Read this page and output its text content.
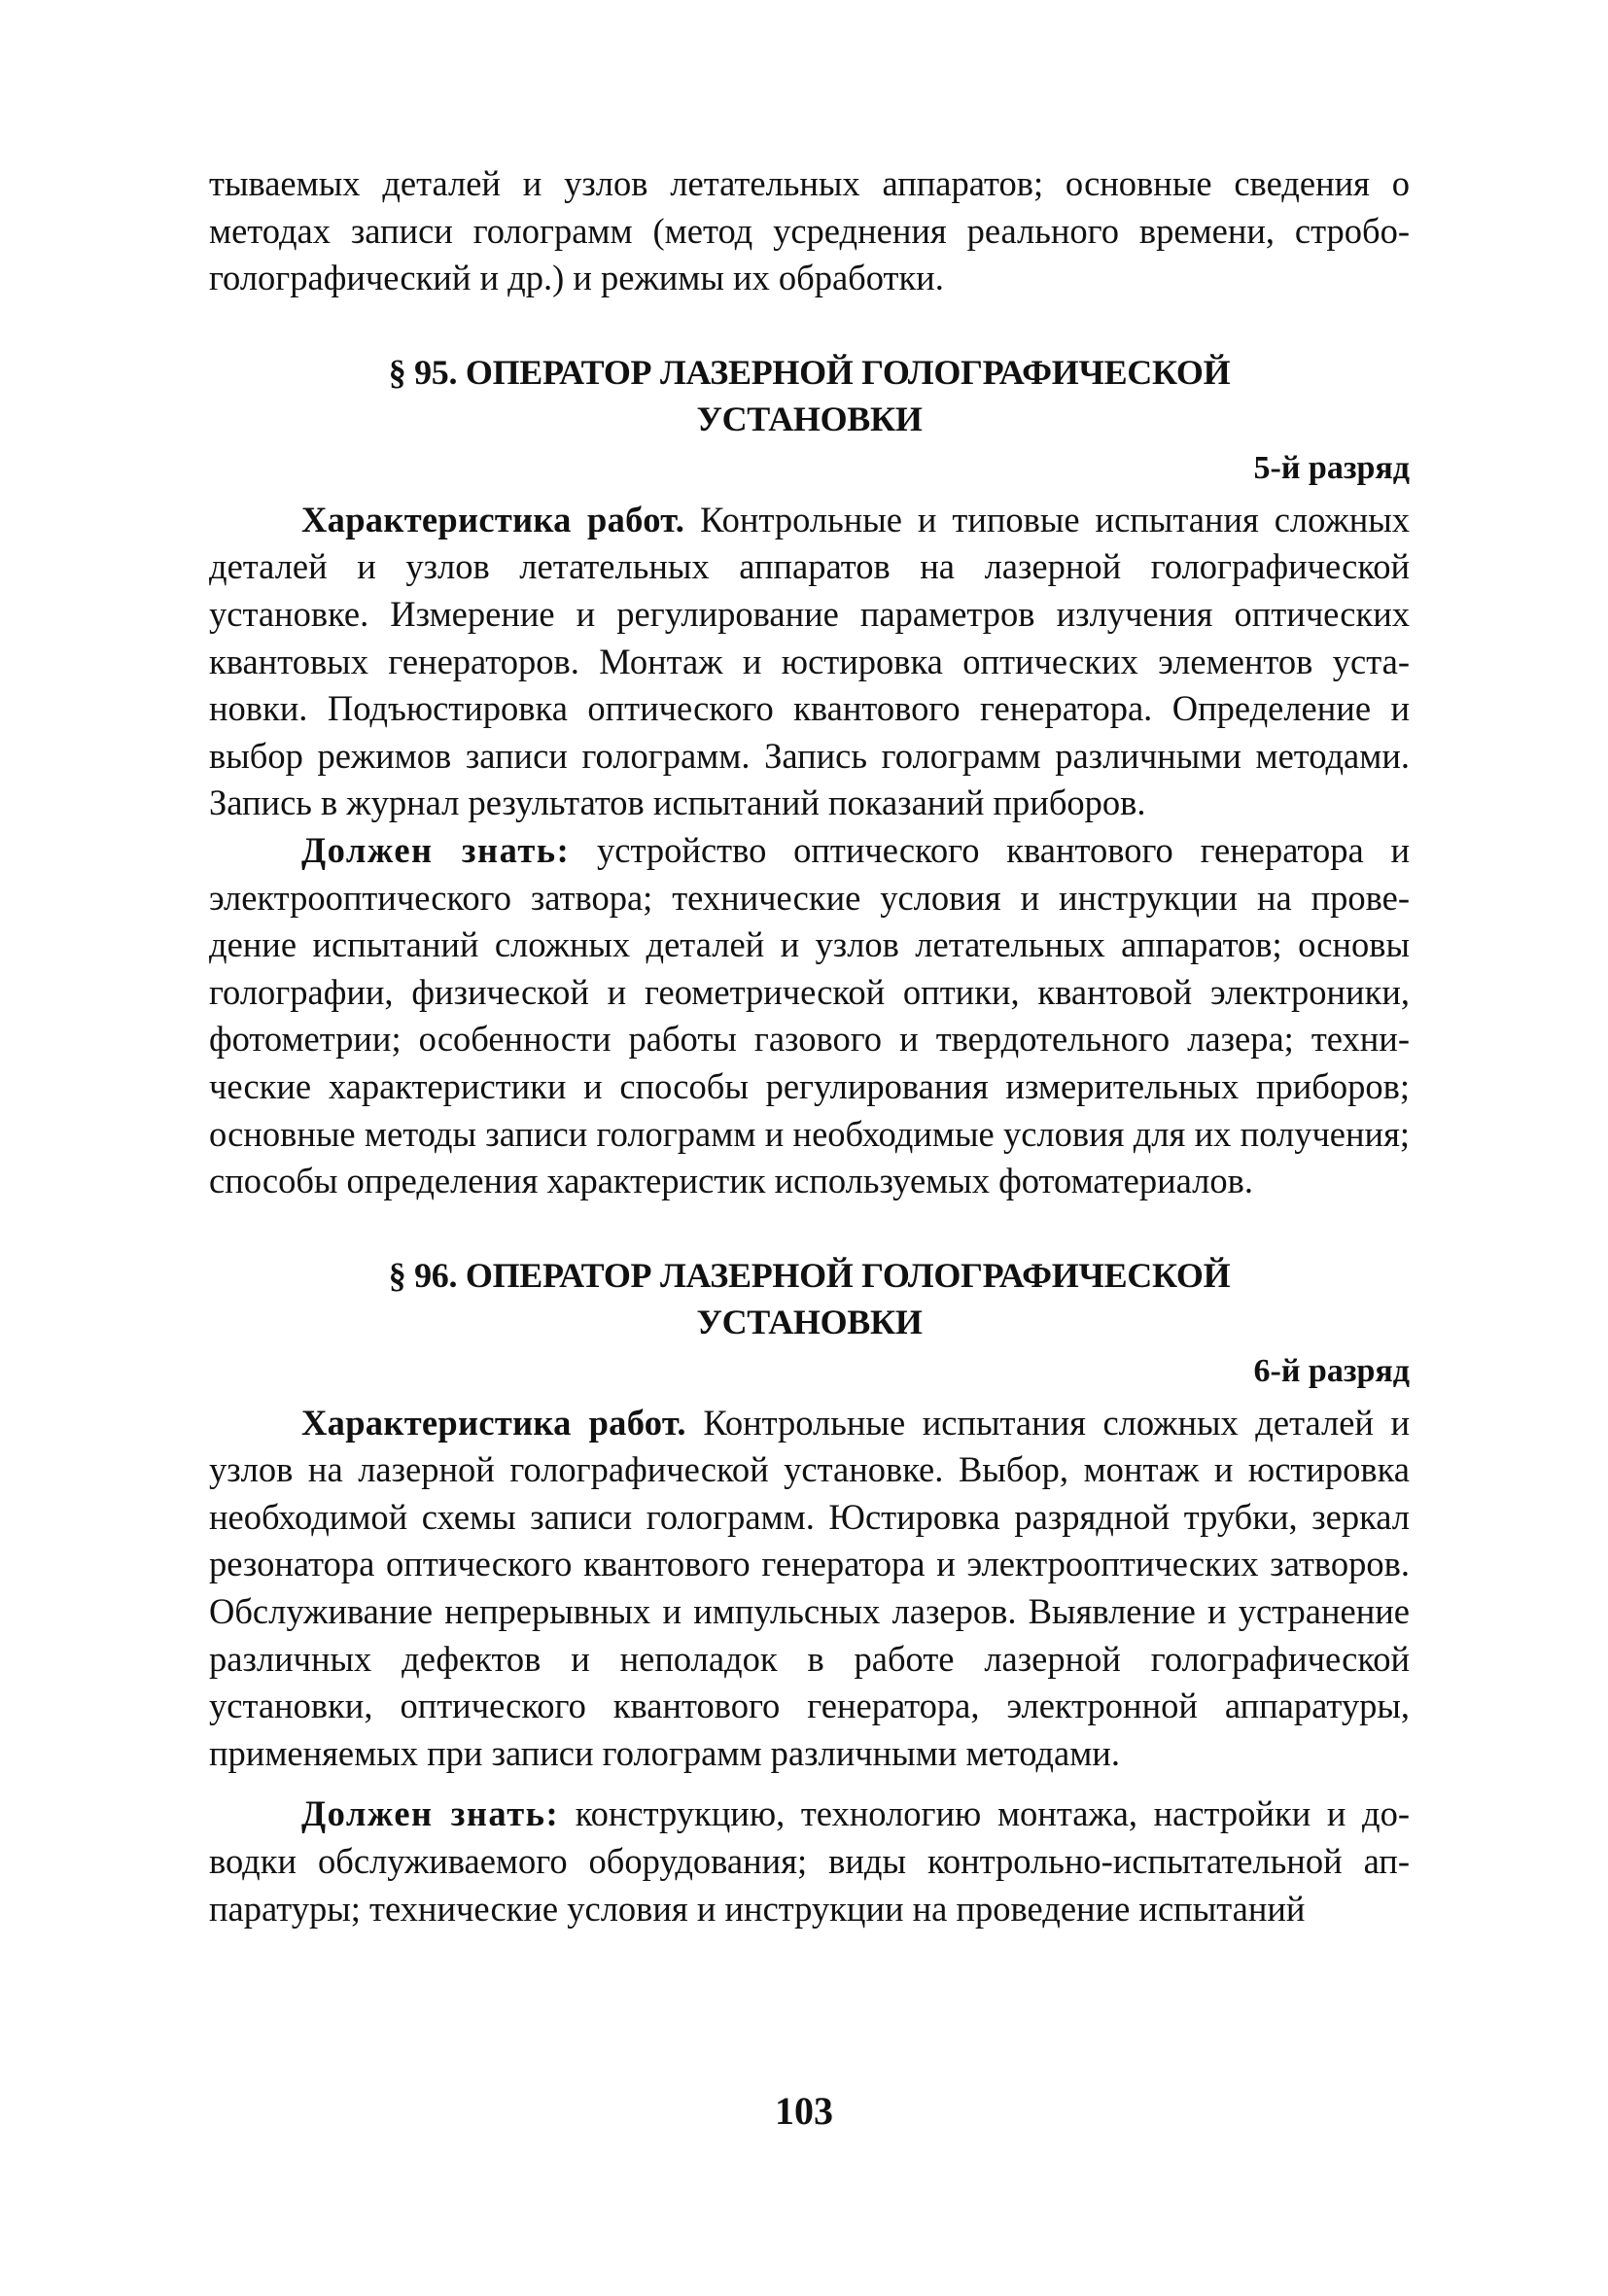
тываемых деталей и узлов летательных аппаратов; основные сведения о методах записи голограмм (метод усреднения реального времени, стробоголографический и др.) и режимы их обработки.

§ 95. ОПЕРАТОР ЛАЗЕРНОЙ ГОЛОГРАФИЧЕСКОЙ
УСТАНОВКИ
5-й разряд

Характеристика работ. Контрольные и типовые испытания сложных деталей и узлов летательных аппаратов на лазерной голографической установке. Измерение и регулирование параметров излучения оптических квантовых генераторов. Монтаж и юстировка оптических элементов установки. Подъюстировка оптического квантового генератора. Определение и выбор режимов записи голограмм. Запись голограмм различными методами. Запись в журнал результатов испытаний показаний приборов.

Должен знать: устройство оптического квантового генератора и электрооптического затвора; технические условия и инструкции на проведение испытаний сложных деталей и узлов летательных аппаратов; основы голографии, физической и геометрической оптики, квантовой электроники, фотометрии; особенности работы газового и твердотельного лазера; технические характеристики и способы регулирования измерительных приборов; основные методы записи голограмм и необходимые условия для их получения; способы определения характеристик используемых фотоматериалов.

§ 96. ОПЕРАТОР ЛАЗЕРНОЙ ГОЛОГРАФИЧЕСКОЙ
УСТАНОВКИ
6-й разряд

Характеристика работ. Контрольные испытания сложных деталей и узлов на лазерной голографической установке. Выбор, монтаж и юстировка необходимой схемы записи голограмм. Юстировка разрядной трубки, зеркал резонатора оптического квантового генератора и электрооптических затворов. Обслуживание непрерывных и импульсных лазеров. Выявление и устранение различных дефектов и неполадок в работе лазерной голографической установки, оптического квантового генератора, электронной аппаратуры, применяемых при записи голограмм различными методами.

Должен знать: конструкцию, технологию монтажа, настройки и доводки обслуживаемого оборудования; виды контрольно-испытательной аппаратуры; технические условия и инструкции на проведение испытаний

103
